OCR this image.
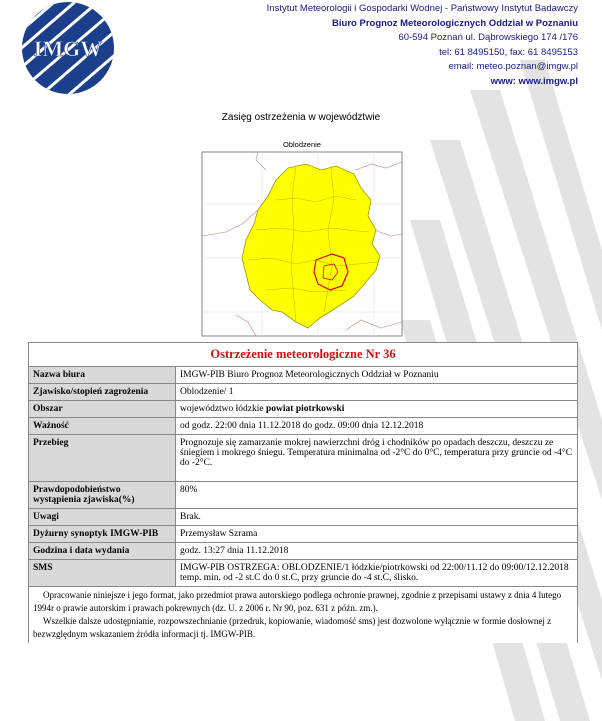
IMGW
Instytut Meteorologii i Gospodarki Wodnej - Państwowy Instytut Badawczy
Biuro Prognoz Meteorologicznych Oddział w Poznaniu
60-594 Poznań ul. Dąbrowskiego 174 /176
tel: 61 8495150, fax: 61 8495153
email: meteo.poznan@imgw.pl
www: www.imgw.pl
Zasięg ostrzeżenia w województwie
Oblodzenie
Ostrzeżenie meteorologiczne Nr 36	
Nazwa biura	IMGW-PIB Biuro Prognoz Meteorologicznych Oddział w Poznaniu
Zjawisko/stopień zagrożenia	Oblodzenie/ 1
Obszar	województwo łódzkie powiat piotrkowski
Ważność	od godz. 22:00 dnia 11.12.2018 do godz. 09:00 dnia 12.12.2018
Przebieg	Prognozuje się zamarzanie mokrej nawierzchni dróg i chodników po opadach deszczu, deszczu ze śniegiem i mokrego śniegu. Temperatura minimalna od -2°C do 0°C, temperatura przy gruncie od -4°C do -2°C.
Prawdopodobieństwo wystąpienia zjawiska(%)	80%
Uwagi	Brak.
Dyżurny synoptyk IMGW-PIB	Przemysław Szrama
Godzina i data wydania	godz. 13:27 dnia 11.12.2018
SMS	IMGW-PIB OSTRZEGA: OBLODZENIE/1 łódzkie/piotrkowski od 22:00/11.12 do 09:00/12.12.2018 temp. min. od -2 st.C do 0 st.C, przy gruncie do -4 st.C, ślisko.

Opracowanie niniejsze i jego format, jako przedmiot prawa autorskiego podlega ochronie prawnej, zgodnie z przepisami ustawy z dnia 4 lutego 1994r o prawie autorskim i prawach pokrewnych (dz. U. z 2006 r. Nr 90, poz. 631 z późn. zm.).

Wszelkie dalsze udostępnianie, rozpowszechnianie (przedruk, kopiowanie, wiadomość sms) jest dozwolone wyłącznie w formie dosłownej z bezwzględnym wskazaniem źródła informacji tj. IMGW-PIB.
